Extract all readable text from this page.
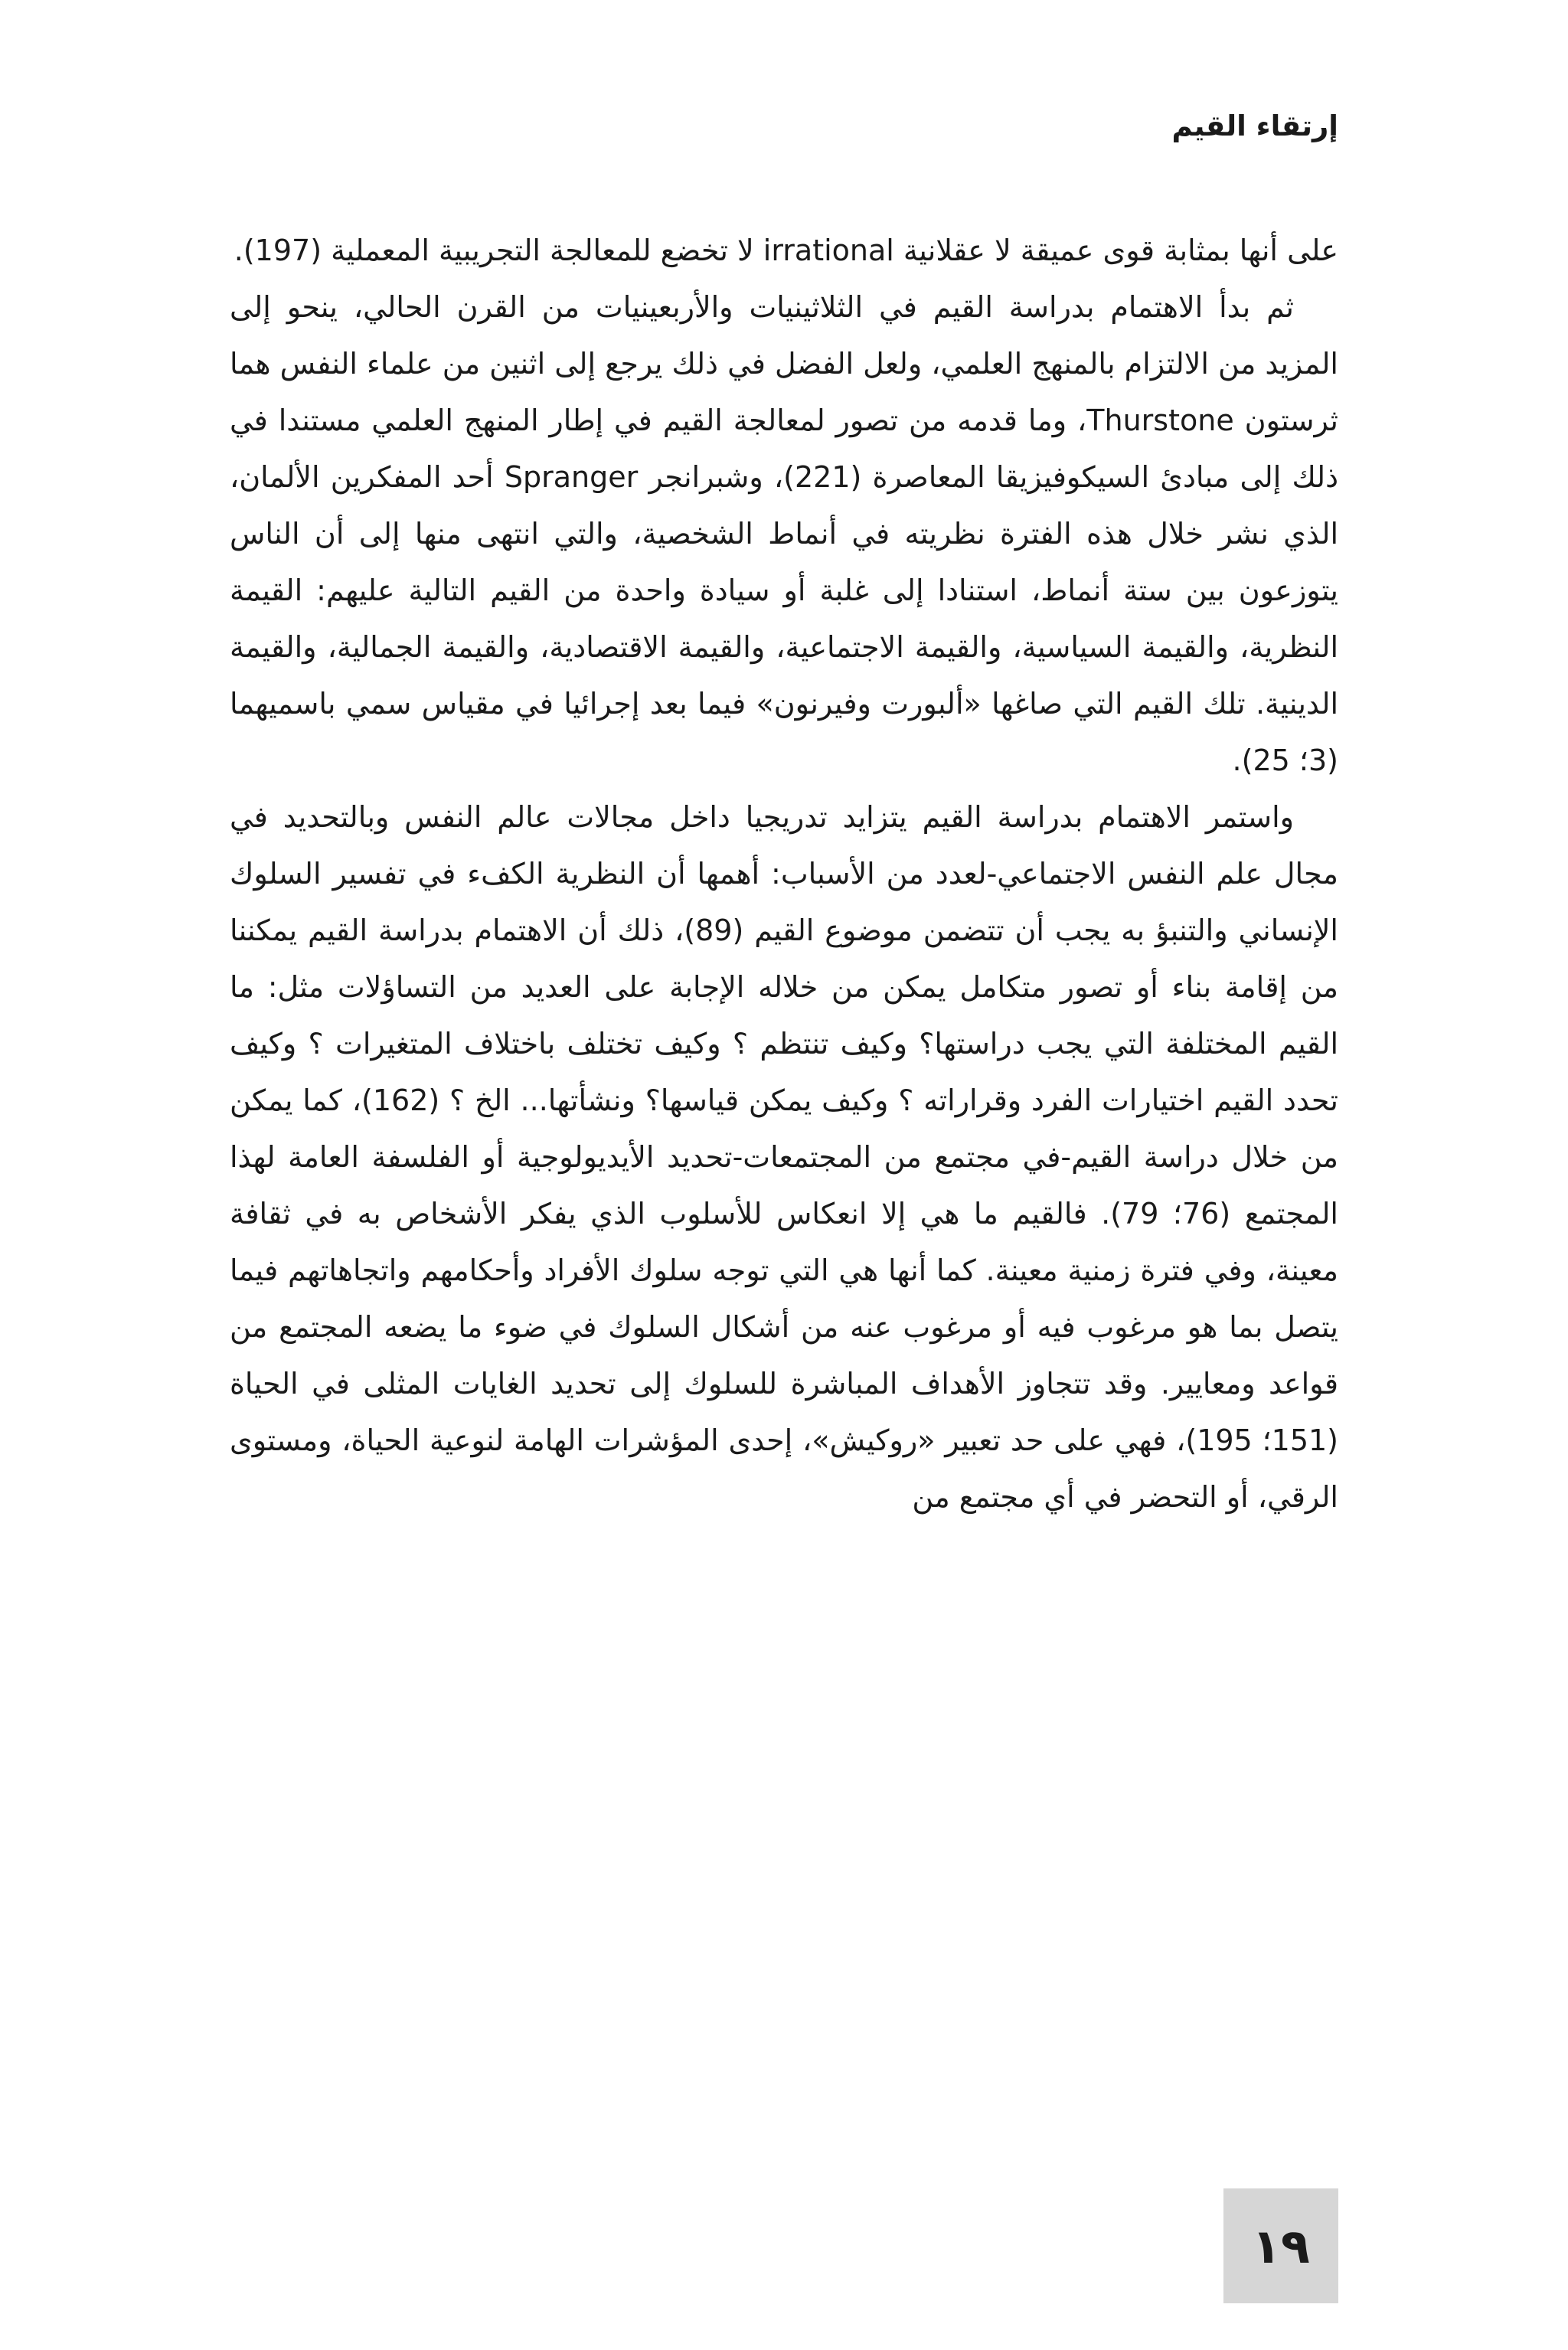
إرتقاء القيم

على أنها بمثابة قوى عميقة لا عقلانية irrational لا تخضع للمعالجة التجريبية المعملية (197).

ثم بدأ الاهتمام بدراسة القيم في الثلاثينيات والأربعينيات من القرن الحالي، ينحو إلى المزيد من الالتزام بالمنهج العلمي، ولعل الفضل في ذلك يرجع إلى اثنين من علماء النفس هما ثرستون Thurstone، وما قدمه من تصور لمعالجة القيم في إطار المنهج العلمي مستندا في ذلك إلى مبادئ السيكوفيزيقا المعاصرة (221)، وشبرانجر Spranger أحد المفكرين الألمان، الذي نشر خلال هذه الفترة نظريته في أنماط الشخصية، والتي انتهى منها إلى أن الناس يتوزعون بين ستة أنماط، استنادا إلى غلبة أو سيادة واحدة من القيم التالية عليهم: القيمة النظرية، والقيمة السياسية، والقيمة الاجتماعية، والقيمة الاقتصادية، والقيمة الجمالية، والقيمة الدينية. تلك القيم التي صاغها «ألبورت وفيرنون» فيما بعد إجرائيا في مقياس سمي باسميهما (3؛ 25).

واستمر الاهتمام بدراسة القيم يتزايد تدريجيا داخل مجالات عالم النفس وبالتحديد في مجال علم النفس الاجتماعي-لعدد من الأسباب: أهمها أن النظرية الكفء في تفسير السلوك الإنساني والتنبؤ به يجب أن تتضمن موضوع القيم (89)، ذلك أن الاهتمام بدراسة القيم يمكننا من إقامة بناء أو تصور متكامل يمكن من خلاله الإجابة على العديد من التساؤلات مثل: ما القيم المختلفة التي يجب دراستها؟ وكيف تنتظم ؟ وكيف تختلف باختلاف المتغيرات ؟ وكيف تحدد القيم اختيارات الفرد وقراراته ؟ وكيف يمكن قياسها؟ ونشأتها... الخ ؟ (162)، كما يمكن من خلال دراسة القيم-في مجتمع من المجتمعات-تحديد الأيديولوجية أو الفلسفة العامة لهذا المجتمع (76؛ 79). فالقيم ما هي إلا انعكاس للأسلوب الذي يفكر الأشخاص به في ثقافة معينة، وفي فترة زمنية معينة. كما أنها هي التي توجه سلوك الأفراد وأحكامهم واتجاهاتهم فيما يتصل بما هو مرغوب فيه أو مرغوب عنه من أشكال السلوك في ضوء ما يضعه المجتمع من قواعد ومعايير. وقد تتجاوز الأهداف المباشرة للسلوك إلى تحديد الغايات المثلى في الحياة (151؛ 195)، فهي على حد تعبير «روكيش»، إحدى المؤشرات الهامة لنوعية الحياة، ومستوى الرقي، أو التحضر في أي مجتمع من

١٩
